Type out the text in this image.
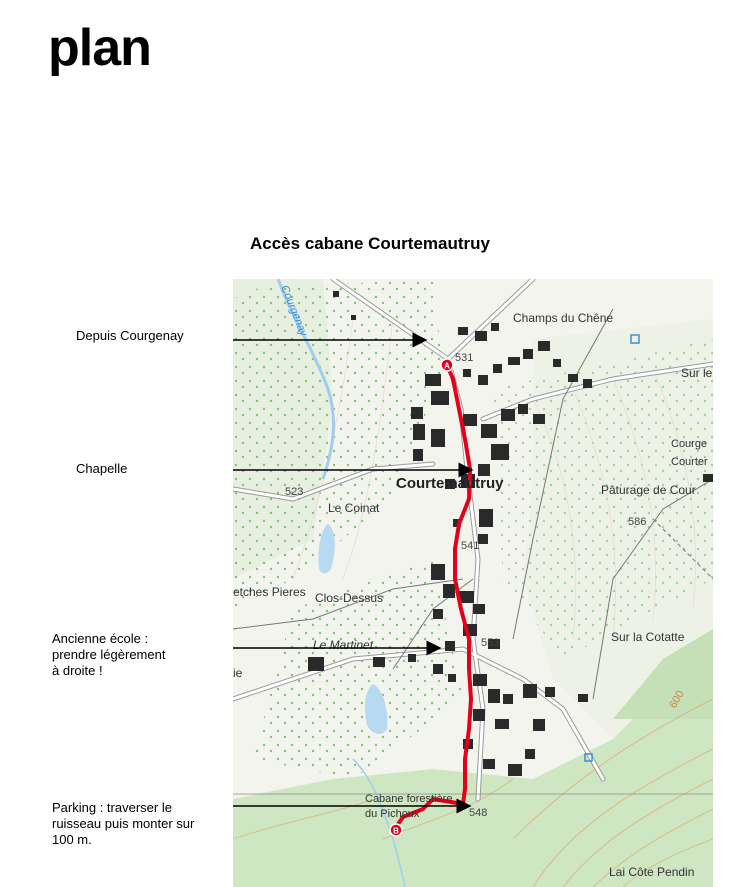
plan
Accès cabane Courtemautruy
Depuis Courgenay
Chapelle
Ancienne école :
prendre légèrement
à droite !
Parking : traverser le
ruisseau puis monter sur
100 m.
A
B
Champs du Chêne
Sur le
Courge
Courter
Courtemautruy	Pâturage de Cour
Le Coinat
Clos-Dessus
etches Pieres
Le Martinet
Sur la Cotatte
Cabane forestière
du Pichoux
Lai Côte Pendin
ie
Courgenay
531
523
541
586
553
548
600
